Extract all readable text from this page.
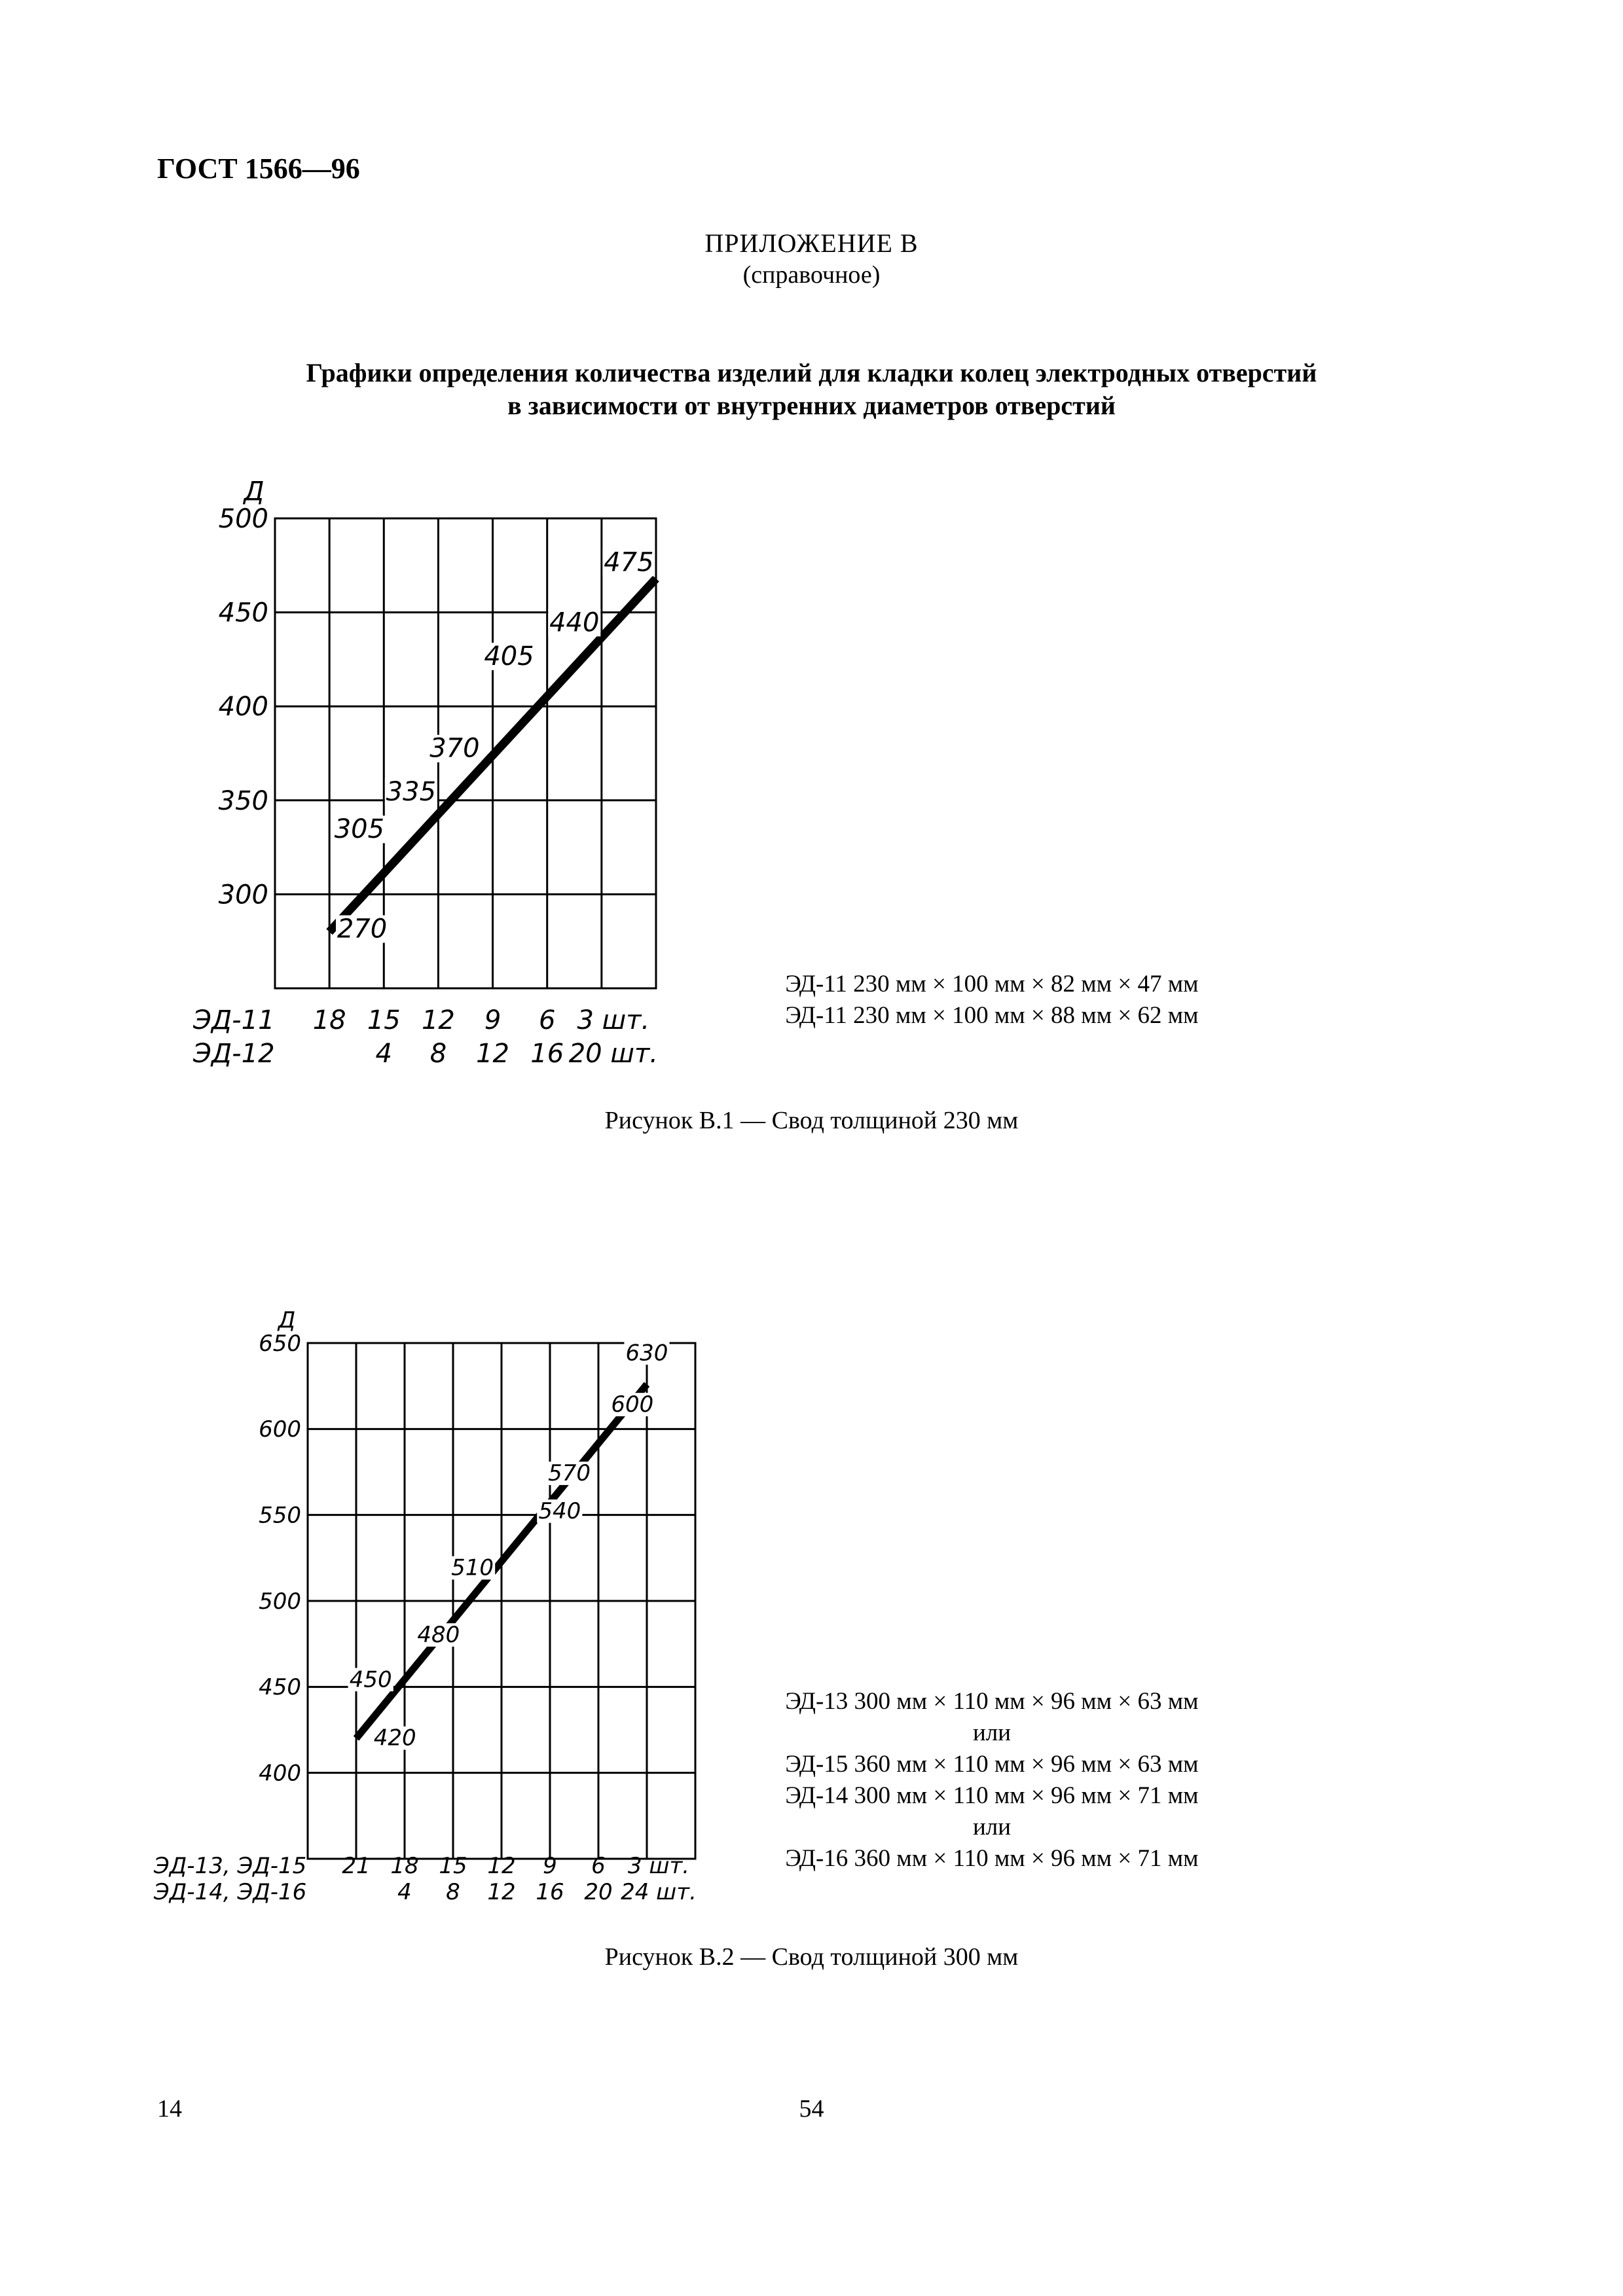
ГОСТ 1566—96
ПРИЛОЖЕНИЕ В
(справочное)
Графики определения количества изделий для кладки колец электродных отверстий
в зависимости от внутренних диаметров отверстий
300
350
400
450
500
Д
ЭД-11
ЭД-12
18 15 12 9 6 3 шт.
4 8 12 16 20 шт.
270
305
335
370
405
440
475
ЭД-11 230 мм × 100 мм × 82 мм × 47 мм
ЭД-11 230 мм × 100 мм × 88 мм × 62 мм
Рисунок В.1 — Свод толщиной 230 мм
400
450
500
550
600
650
Д
ЭД-13, ЭД-15
ЭД-14, ЭД-16
21 18 15 12 9 6 3 шт.
4 8 12 16 20 24 шт.
420
450
480
510
540
570
600
630
ЭД-13 300 мм × 110 мм × 96 мм × 63 мм
или
ЭД-15 360 мм × 110 мм × 96 мм × 63 мм
ЭД-14 300 мм × 110 мм × 96 мм × 71 мм
или
ЭД-16 360 мм × 110 мм × 96 мм × 71 мм
Рисунок В.2 — Свод толщиной 300 мм
14	54
